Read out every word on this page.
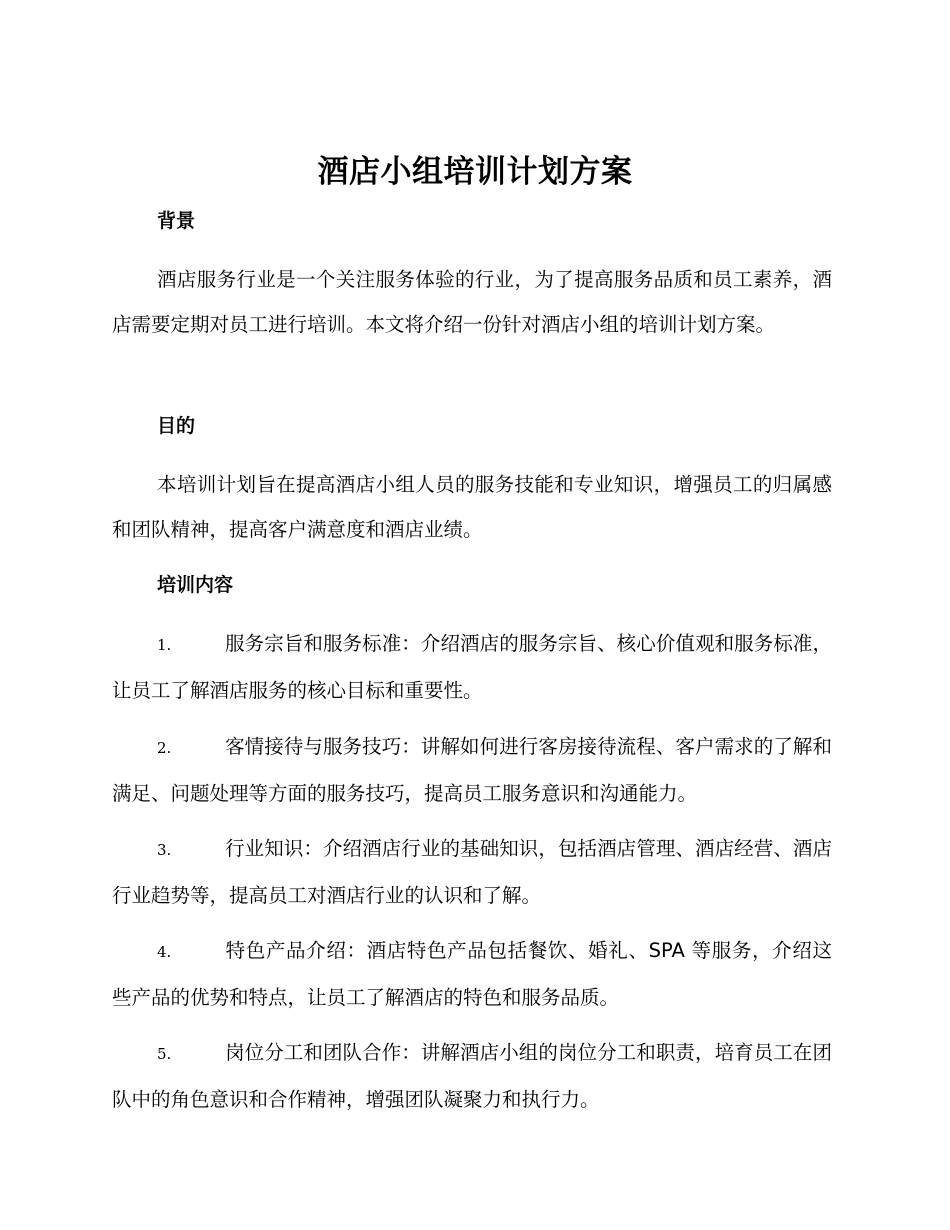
酒店小组培训计划方案
背景
酒店服务行业是一个关注服务体验的行业，为了提高服务品质和员工素养，酒店需要定期对员工进行培训。本文将介绍一份针对酒店小组的培训计划方案。
目的
本培训计划旨在提高酒店小组人员的服务技能和专业知识，增强员工的归属感和团队精神，提高客户满意度和酒店业绩。
培训内容
1.	服务宗旨和服务标准：介绍酒店的服务宗旨、核心价值观和服务标准，让员工了解酒店服务的核心目标和重要性。
2.	客情接待与服务技巧：讲解如何进行客房接待流程、客户需求的了解和满足、问题处理等方面的服务技巧，提高员工服务意识和沟通能力。
3.	行业知识：介绍酒店行业的基础知识，包括酒店管理、酒店经营、酒店行业趋势等，提高员工对酒店行业的认识和了解。
4.	特色产品介绍：酒店特色产品包括餐饮、婚礼、SPA 等服务，介绍这些产品的优势和特点，让员工了解酒店的特色和服务品质。
5.	岗位分工和团队合作：讲解酒店小组的岗位分工和职责，培育员工在团队中的角色意识和合作精神，增强团队凝聚力和执行力。
